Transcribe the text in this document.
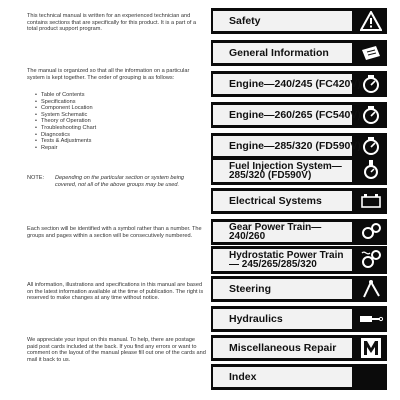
This technical manual is written for an experienced technician and contains sections that are specifically for this product. It is a part of a total product support program.

The manual is organized so that all the information on a particular system is kept together. The order of grouping is as follows:

• Table of Contents
• Specifications
• Component Location
• System Schematic
• Theory of Operation
• Troubleshooting Chart
• Diagnostics
• Tests & Adjustments
• Repair
NOTE: Depending on the particular section or system being covered, not all of the above groups may be used.

Each section will be identified with a symbol rather than a number. The groups and pages within a section will be consecutively numbered.

All information, illustrations and specifications in this manual are based on the latest information available at the time of publication. The right is reserved to make changes at any time without notice.

We appreciate your input on this manual. To help, there are postage paid post cards included at the back. If you find any errors or want to comment on the layout of the manual please fill out one of the cards and mail it back to us.

Safety
General Information
Engine—240/245 (FC420V)
Engine—260/265 (FC540V)
Engine—285/320 (FD590V)
Fuel Injection System— 285/320 (FD590V)
Electrical Systems
Gear Power Train— 240/260
Hydrostatic Power Train— 245/265/285/320
Steering
Hydraulics
Miscellaneous Repair
Index
